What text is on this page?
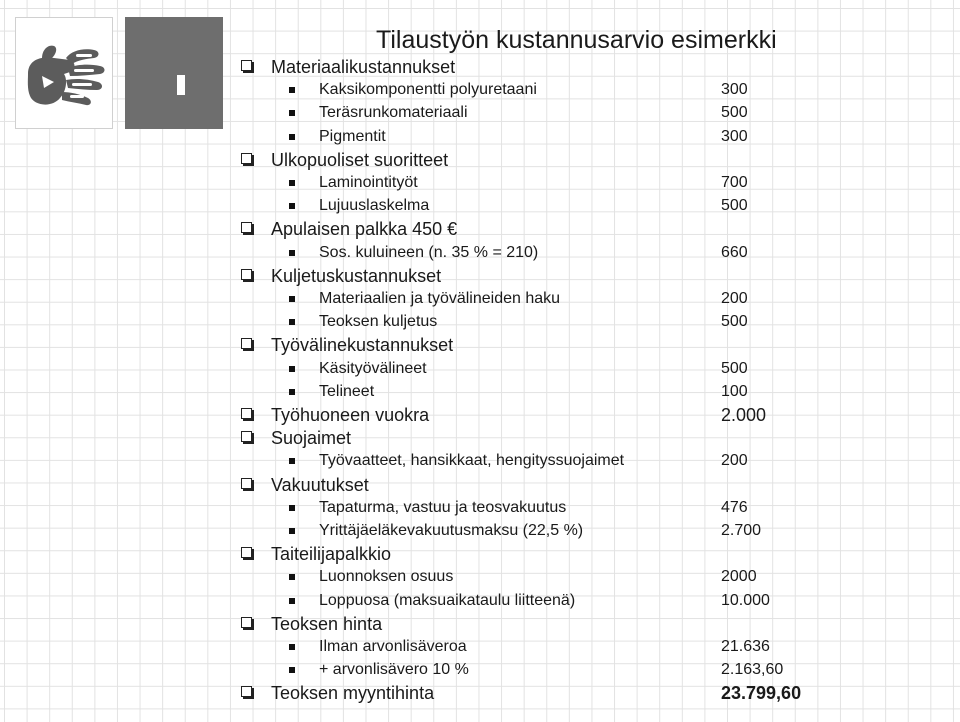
Tilaustyön kustannusarvio esimerkki
Materiaalikustannukset
Kaksikomponentti polyuretaani	300
Teräsrunkomateriaali	500
Pigmentit	300
Ulkopuoliset suoritteet
Laminointityöt	700
Lujuuslaskelma	500
Apulaisen palkka 450 €
Sos. kuluineen (n. 35 % = 210)	660
Kuljetuskustannukset
Materiaalien ja työvälineiden haku	200
Teoksen kuljetus	500
Työvälinekustannukset
Käsityövälineet	500
Telineet	100
Työhuoneen vuokra	2.000
Suojaimet
Työvaatteet, hansikkaat, hengityssuojaimet	200
Vakuutukset
Tapaturma, vastuu ja teosvakuutus	476
Yrittäjäeläkevakuutusmaksu (22,5 %)	2.700
Taiteilijapalkkio
Luonnoksen osuus	2000
Loppuosa (maksuaikataulu liitteenä)	10.000
Teoksen hinta
Ilman arvonlisäveroa	21.636
+ arvonlisävero 10 %	2.163,60
Teoksen myyntihinta	23.799,60
